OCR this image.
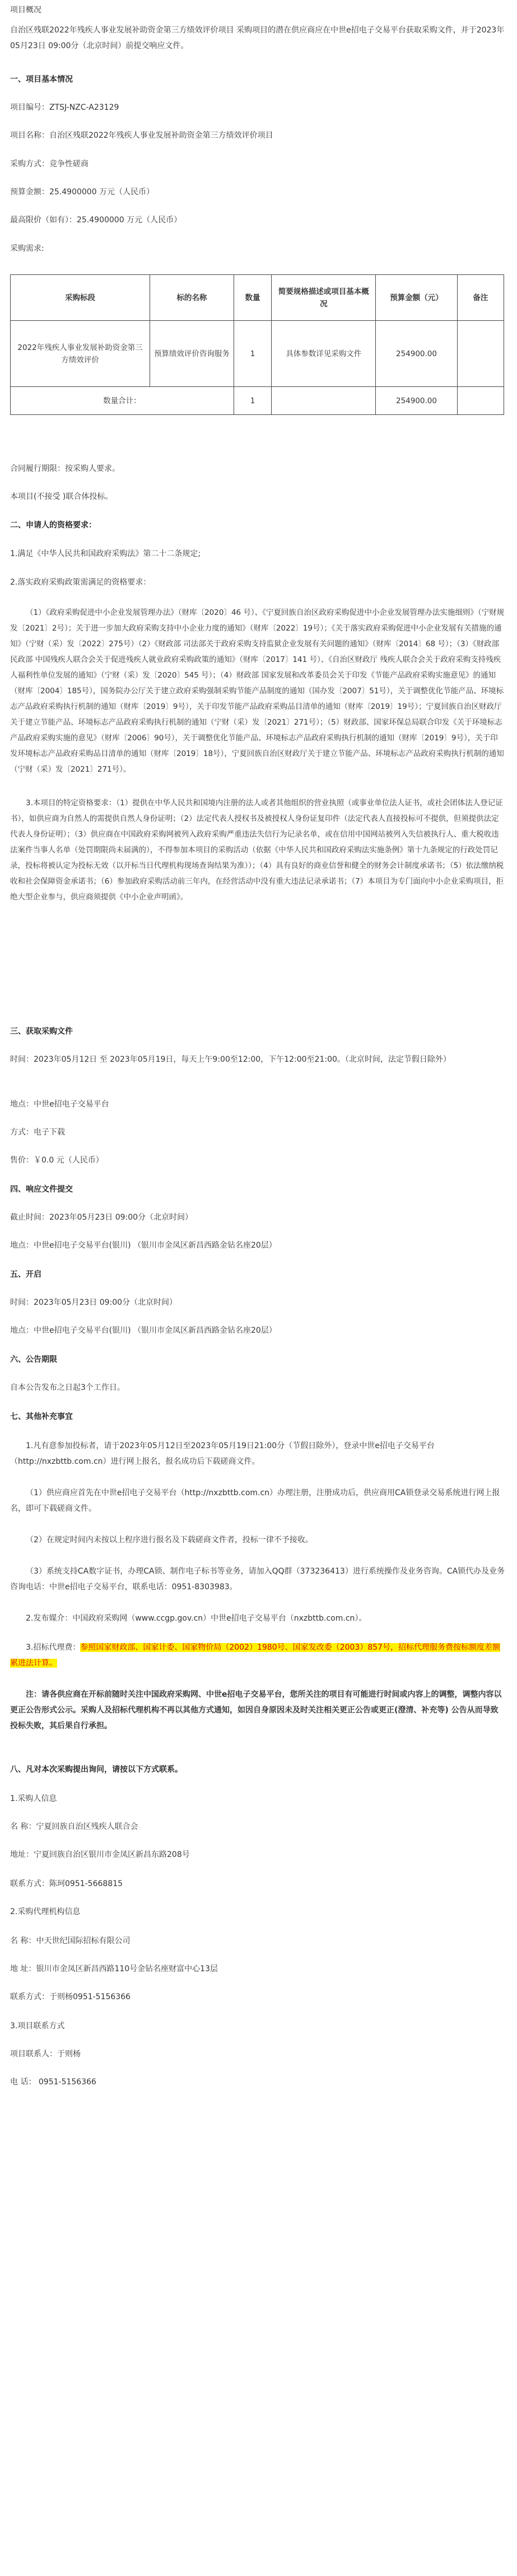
项目概况

自治区残联2022年残疾人事业发展补助资金第三方绩效评价项目 采购项目的潜在供应商应在中世e招电子交易平台获取采购文件，并于2023年05月23日 09:00分（北京时间）前提交响应文件。

一、项目基本情况

项目编号：ZTSJ-NZC-A23129

项目名称：自治区残联2022年残疾人事业发展补助资金第三方绩效评价项目

采购方式：竞争性磋商

预算金额：25.4900000 万元（人民币）

最高限价（如有）：25.4900000 万元（人民币）

采购需求:

采购标段	标的名称	数量	简要规格描述或项目基本概况	预算金额（元）	备注
2022年残疾人事业发展补助资金第三方绩效评价	预算绩效评价咨询服务	1	具体参数详见采购文件	254900.00	
数量合计：		1		254900.00	

合同履行期限：按采购人要求。

本项目(不接受 )联合体投标。

二、申请人的资格要求：

1.满足《中华人民共和国政府采购法》第二十二条规定;

2.落实政府采购政策需满足的资格要求：

（1）《政府采购促进中小企业发展管理办法》（财库〔2020〕46 号）、《宁夏回族自治区政府采购促进中小企业发展管理办法实施细则》（宁财规发〔2021〕2号）；关于进一步加大政府采购支持中小企业力度的通知》（财库〔2022〕19号）；《关于落实政府采购促进中小企业发展有关措施的通知》（宁财（采）发〔2022〕275号）（2）《财政部 司法部关于政府采购支持监狱企业发展有关问题的通知》（财库〔2014〕68 号）；（3）《财政部 民政部 中国残疾人联合会关于促进残疾人就业政府采购政策的通知》（财库〔2017〕141 号）、《自治区财政厅 残疾人联合会关于政府采购支持残疾人福利性单位发展的通知》（宁财（采）发〔2020〕545 号）；（4）财政部 国家发展和改革委员会关于印发《节能产品政府采购实施意见》的通知（财库〔2004〕185号），国务院办公厅关于建立政府采购强制采购节能产品制度的通知（国办发〔2007〕51号），关于调整优化节能产品、环境标志产品政府采购执行机制的通知（财库〔2019〕9号），关于印发节能产品政府采购品目清单的通知（财库〔2019〕19号）；宁夏回族自治区财政厅关于建立节能产品、环境标志产品政府采购执行机制的通知（宁财（采）发〔2021〕271号）；（5）财政部、国家环保总局联合印发《关于环境标志产品政府采购实施的意见》（财库〔2006〕90号），关于调整优化节能产品、环境标志产品政府采购执行机制的通知（财库〔2019〕9号），关于印发环境标志产品政府采购品目清单的通知（财库〔2019〕18号），宁夏回族自治区财政厅关于建立节能产品、环境标志产品政府采购执行机制的通知（宁财（采）发〔2021〕271号）。

3.本项目的特定资格要求：（1）提供在中华人民共和国境内注册的法人或者其他组织的营业执照（或事业单位法人证书，或社会团体法人登记证书），如供应商为自然人的需提供自然人身份证明；（2）法定代表人授权书及被授权人身份证复印件（法定代表人直接投标可不提供，但须提供法定代表人身份证明）；（3）供应商在中国政府采购网被列入政府采购严重违法失信行为记录名单，或在信用中国网站被列入失信被执行人、重大税收违法案件当事人名单（处罚期限尚未届满的），不得参加本项目的采购活动（依据《中华人民共和国政府采购法实施条例》第十九条规定的行政处罚记录，投标将被认定为投标无效（以开标当日代理机构现场查询结果为准））；（4）具有良好的商业信誉和健全的财务会计制度承诺书；（5）依法缴纳税收和社会保障资金承诺书；（6）参加政府采购活动前三年内，在经营活动中没有重大违法记录承诺书；（7）本项目为专门面向中小企业采购项目，拒绝大型企业参与，供应商须提供《中小企业声明函》。

三、获取采购文件

时间：2023年05月12日 至 2023年05月19日，每天上午9:00至12:00，下午12:00至21:00。（北京时间，法定节假日除外）

地点：中世e招电子交易平台

方式：电子下载

售价：￥0.0 元（人民币）

四、响应文件提交

截止时间：2023年05月23日 09:00分（北京时间）

地点：中世e招电子交易平台(银川) （银川市金凤区新昌西路金钻名座20层）

五、开启

时间：2023年05月23日 09:00分（北京时间）

地点：中世e招电子交易平台(银川) （银川市金凤区新昌西路金钻名座20层）

六、公告期限

自本公告发布之日起3个工作日。

七、其他补充事宜

1.凡有意参加投标者，请于2023年05月12日至2023年05月19日21:00分（节假日除外），登录中世e招电子交易平台（http://nxzbttb.com.cn）进行网上报名，报名成功后下载磋商文件。

（1）供应商应首先在中世e招电子交易平台（http://nxzbttb.com.cn）办理注册，注册成功后，供应商用CA锁登录交易系统进行网上报名，即可下载磋商文件。

（2）在规定时间内未按以上程序进行报名及下载磋商文件者，投标一律不予接收。

（3）系统支持CA数字证书，办理CA锁、制作电子标书等业务，请加入QQ群（373236413）进行系统操作及业务咨询。CA锁代办及业务咨询电话：中世e招电子交易平台，联系电话：0951-8303983。

2.发布媒介：中国政府采购网（www.ccgp.gov.cn）中世e招电子交易平台（nxzbttb.com.cn）。

3.招标代理费：参照国家财政部、国家计委、国家物价局（2002）1980号、国家发改委（2003）857号，招标代理服务费按标额度差额累进法计算。

注：请各供应商在开标前随时关注中国政府采购网、中世e招电子交易平台，您所关注的项目有可能进行时间或内容上的调整，调整内容以更正公告形式公示。采购人及招标代理机构不再以其他方式通知，如因自身原因未及时关注相关更正公告或更正(澄清、补充等) 公告从而导致投标失败，其后果自行承担。

八、凡对本次采购提出询问，请按以下方式联系。

1.采购人信息

名 称：宁夏回族自治区残疾人联合会

地址：宁夏回族自治区银川市金凤区新昌东路208号

联系方式：陈珂0951-5668815

2.采购代理机构信息

名 称：中天世纪国际招标有限公司

地 址：银川市金凤区新昌西路110号金钻名座财富中心13层

联系方式：于则杨0951-5156366

3.项目联系方式

项目联系人：于则杨

电 话： 0951-5156366
